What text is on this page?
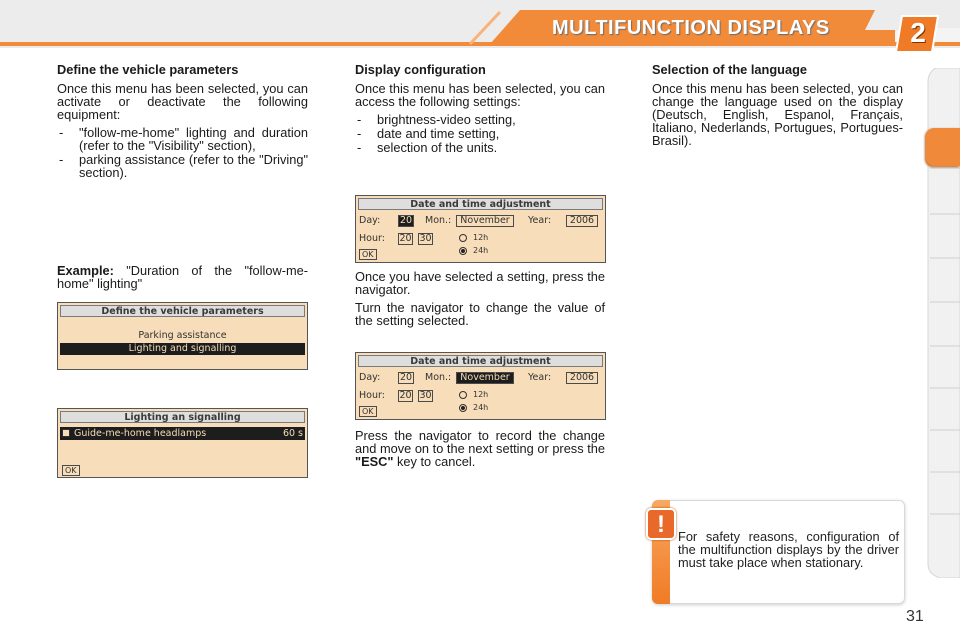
MULTIFUNCTION DISPLAYS	2
Define the vehicle parameters

Once this menu has been selected, you can activate or deactivate the following equipment:

- "follow-me-home" lighting and duration (refer to the "Visibility" section),
- parking assistance (refer to the "Driving" section).
Example: "Duration of the "follow-me-home" lighting"
Define the vehicle parameters
Parking assistance
Lighting and signalling
Lighting an signalling
Guide-me-home headlamps	60 s
OK
Display configuration

Once this menu has been selected, you can access the following settings:

- brightness-video setting,
- date and time setting,
- selection of the units.
Date and time adjustment
Day: 20 Mon.: November	Year:	2006
Hour: 20 30	12h
24h
OK

Once you have selected a setting, press the navigator.

Turn the navigator to change the value of the setting selected.

Date and time adjustment
Day: 20 Mon.: November	Year:	2006
Hour: 20 30	12h
24h
OK

Press the navigator to record the change and move on to the next setting or press the "ESC" key to cancel.

Selection of the language

Once this menu has been selected, you can change the language used on the display (Deutsch, English, Espanol, Français, Italiano, Nederlands, Portugues, Portugues-Brasil).

!	For safety reasons, configuration of the multifunction displays by the driver must take place when stationary.
31
